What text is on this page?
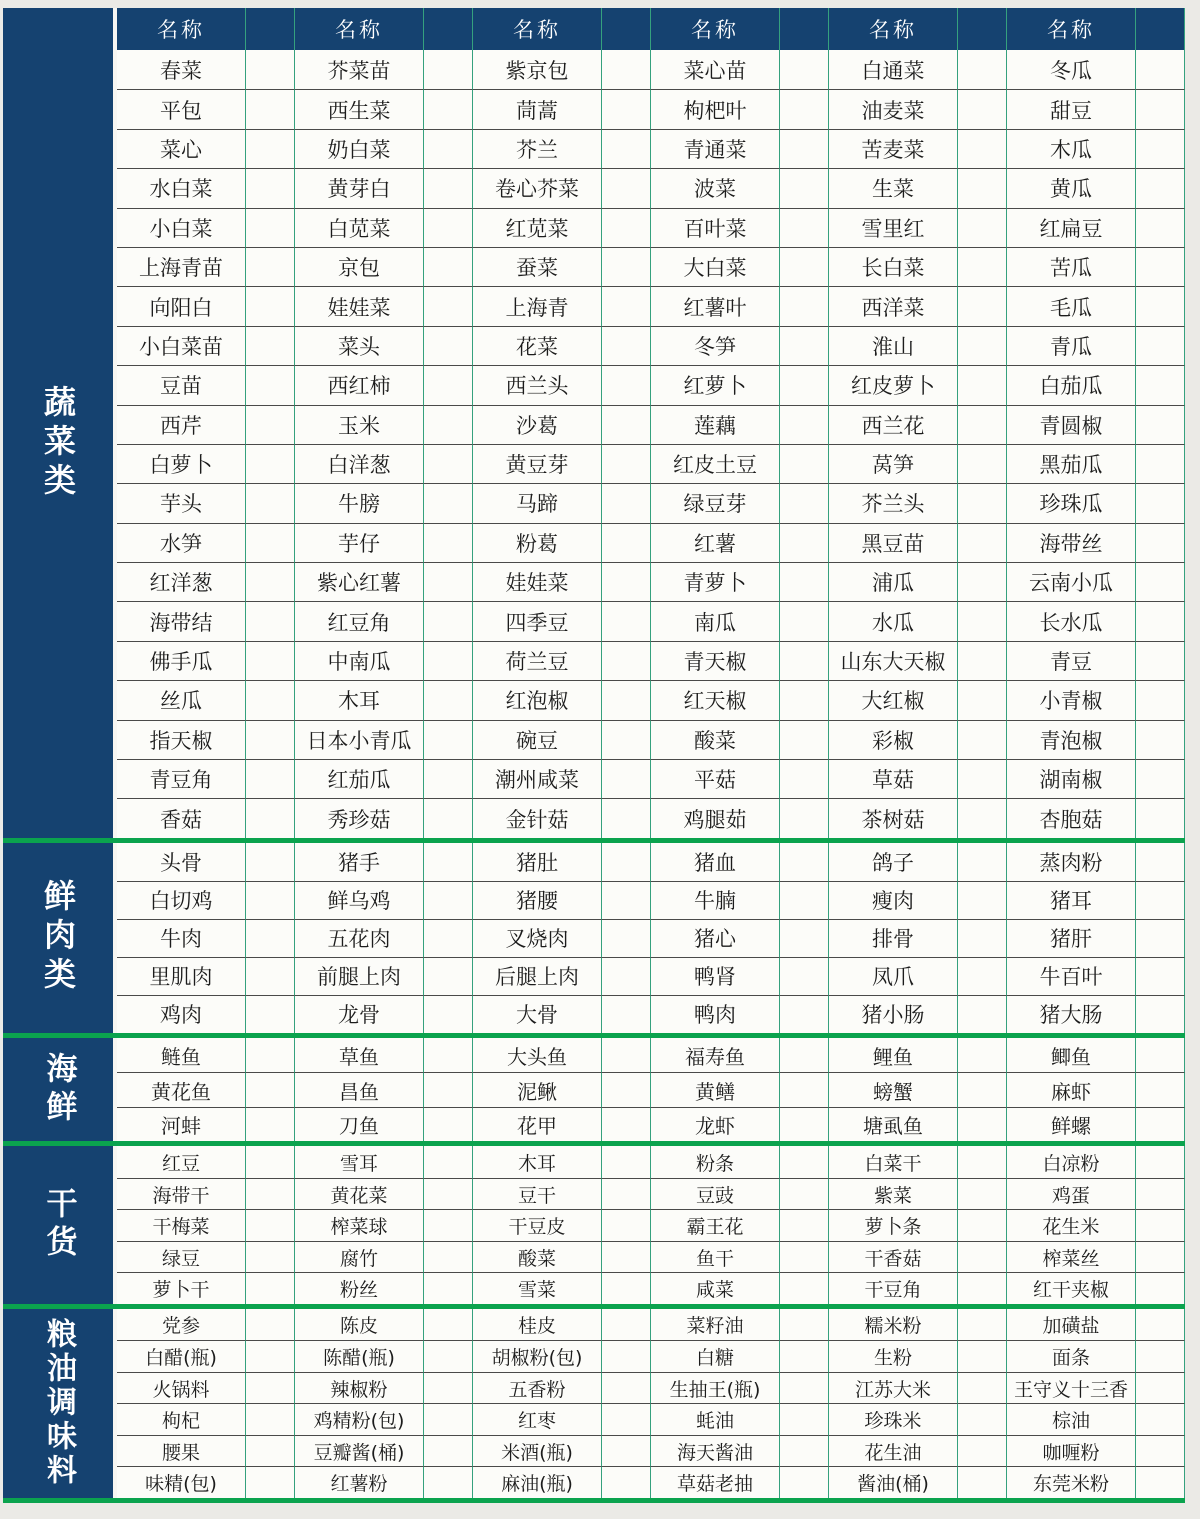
名称	名称	名称	名称	名称	名称
蔬菜类
春菜	芥菜苗	紫京包	菜心苗	白通菜	冬瓜
平包	西生菜	茼蒿	枸杷叶	油麦菜	甜豆
菜心	奶白菜	芥兰	青通菜	苦麦菜	木瓜
水白菜	黄芽白	卷心芥菜	波菜	生菜	黄瓜
小白菜	白苋菜	红苋菜	百叶菜	雪里红	红扁豆
上海青苗	京包	蚕菜	大白菜	长白菜	苦瓜
向阳白	娃娃菜	上海青	红薯叶	西洋菜	毛瓜
小白菜苗	菜头	花菜	冬笋	淮山	青瓜
豆苗	西红柿	西兰头	红萝卜	红皮萝卜	白茄瓜
西芹	玉米	沙葛	莲藕	西兰花	青圆椒
白萝卜	白洋葱	黄豆芽	红皮土豆	莴笋	黑茄瓜
芋头	牛膀	马蹄	绿豆芽	芥兰头	珍珠瓜
水笋	芋仔	粉葛	红薯	黑豆苗	海带丝
红洋葱	紫心红薯	娃娃菜	青萝卜	浦瓜	云南小瓜
海带结	红豆角	四季豆	南瓜	水瓜	长水瓜
佛手瓜	中南瓜	荷兰豆	青天椒	山东大天椒	青豆
丝瓜	木耳	红泡椒	红天椒	大红椒	小青椒
指天椒	日本小青瓜	碗豆	酸菜	彩椒	青泡椒
青豆角	红茄瓜	潮州咸菜	平菇	草菇	湖南椒
香菇	秀珍菇	金针菇	鸡腿茹	茶树菇	杏胞菇
鲜肉类
头骨	猪手	猪肚	猪血	鸽子	蒸肉粉
白切鸡	鲜乌鸡	猪腰	牛腩	瘦肉	猪耳
牛肉	五花肉	叉烧肉	猪心	排骨	猪肝
里肌肉	前腿上肉	后腿上肉	鸭肾	凤爪	牛百叶
鸡肉	龙骨	大骨	鸭肉	猪小肠	猪大肠
海鲜	鲢鱼	草鱼	大头鱼	福寿鱼	鲤鱼	鲫鱼
黄花鱼	昌鱼	泥鳅	黄鳝	螃蟹	麻虾
河蚌	刀鱼	花甲	龙虾	塘虱鱼	鲜螺
干货
红豆	雪耳	木耳	粉条	白菜干	白凉粉
海带干	黄花菜	豆干	豆豉	紫菜	鸡蛋
干梅菜	榨菜球	干豆皮	霸王花	萝卜条	花生米
绿豆	腐竹	酸菜	鱼干	干香菇	榨菜丝
萝卜干	粉丝	雪菜	咸菜	干豆角	红干夹椒
粮油调味料	党参	陈皮	桂皮	菜籽油	糯米粉	加磺盐
白醋(瓶)	陈醋(瓶)	胡椒粉(包)	白糖	生粉	面条
火锅料	辣椒粉	五香粉	生抽王(瓶)	江苏大米	王守义十三香
枸杞	鸡精粉(包)	红枣	蚝油	珍珠米	棕油
腰果	豆瓣酱(桶)	米酒(瓶)	海天酱油	花生油	咖喱粉
味精(包)	红薯粉	麻油(瓶)	草菇老抽	酱油(桶)	东莞米粉
